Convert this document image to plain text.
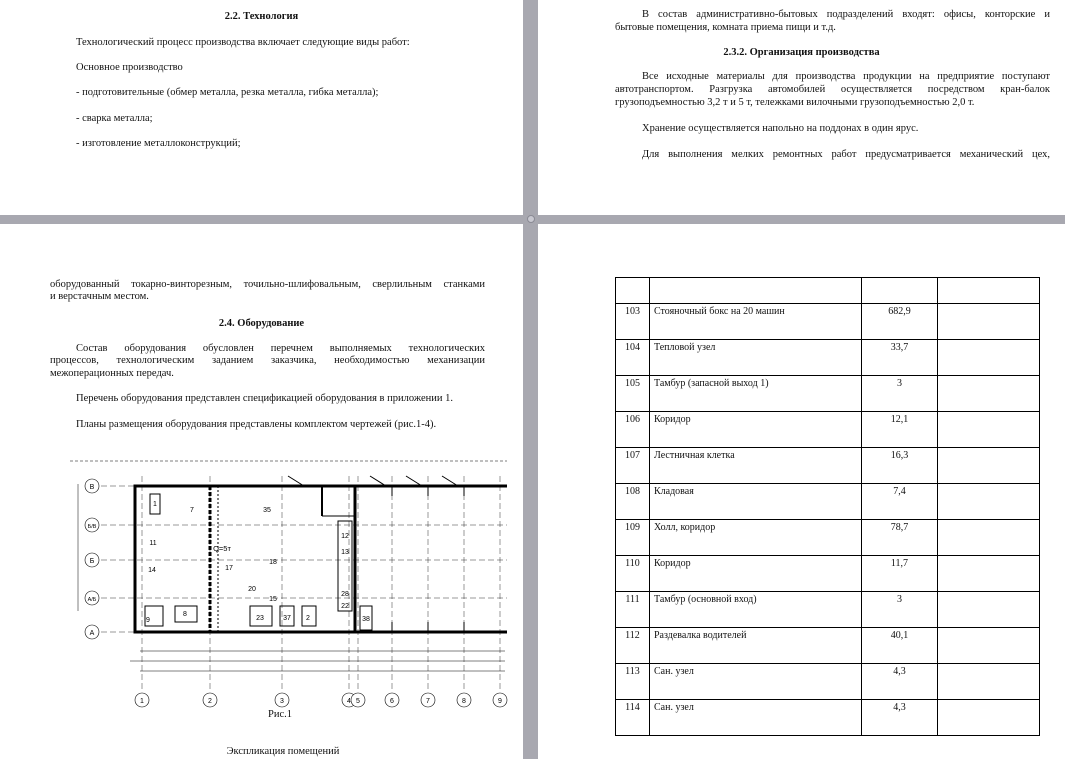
2.2. Технология
Технологический процесс производства включает следующие виды работ:
Основное производство
- подготовительные (обмер металла, резка металла, гибка металла);
- сварка металла;
- изготовление металлоконструкций;
В состав административно-бытовых подразделений входят: офисы, конторские и
бытовые помещения, комната приема пищи и т.д.
2.3.2. Организация производства
Все исходные материалы для производства продукции на предприятие поступают
автотранспортом. Разгрузка автомобилей осуществляется посредством кран-балок
грузоподъемностью 3,2 т и 5 т, тележками вилочными грузоподъемностью 2,0 т.
Хранение осуществляется напольно на поддонах в один ярус.
Для выполнения мелких ремонтных работ предусматривается механический цех,
оборудованный токарно-винторезным, точильно-шлифовальным, сверлильным станками
и верстачным местом.
2.4. Оборудование
Состав оборудования обусловлен перечнем выполняемых технологических
процессов, технологическим заданием заказчика, необходимостью механизации
межоперационных передач.
Перечень оборудования представлен спецификацией оборудования в приложении 1.
Планы размещения оборудования представлены комплектом чертежей (рис.1-4).
В
Б/В
Б
А/Б
А
1	2	3	4 5	6	7	8	9
1
7	35
11
14	17
18
20
15
8
9	23	37 2
12
13
22
28
38
Q=5т
Рис.1
Экспликация помещений

103	Стояночный бокс на 20 машин	682,9	
104	Тепловой узел	33,7	
105	Тамбур (запасной выход 1)	3	
106	Коридор	12,1	
107	Лестничная клетка	16,3	
108	Кладовая	7,4	
109	Холл, коридор	78,7	
110	Коридор	11,7	
111	Тамбур (основной вход)	3	
112	Раздевалка водителей	40,1	
113	Сан. узел	4,3	
114	Сан. узел	4,3	
